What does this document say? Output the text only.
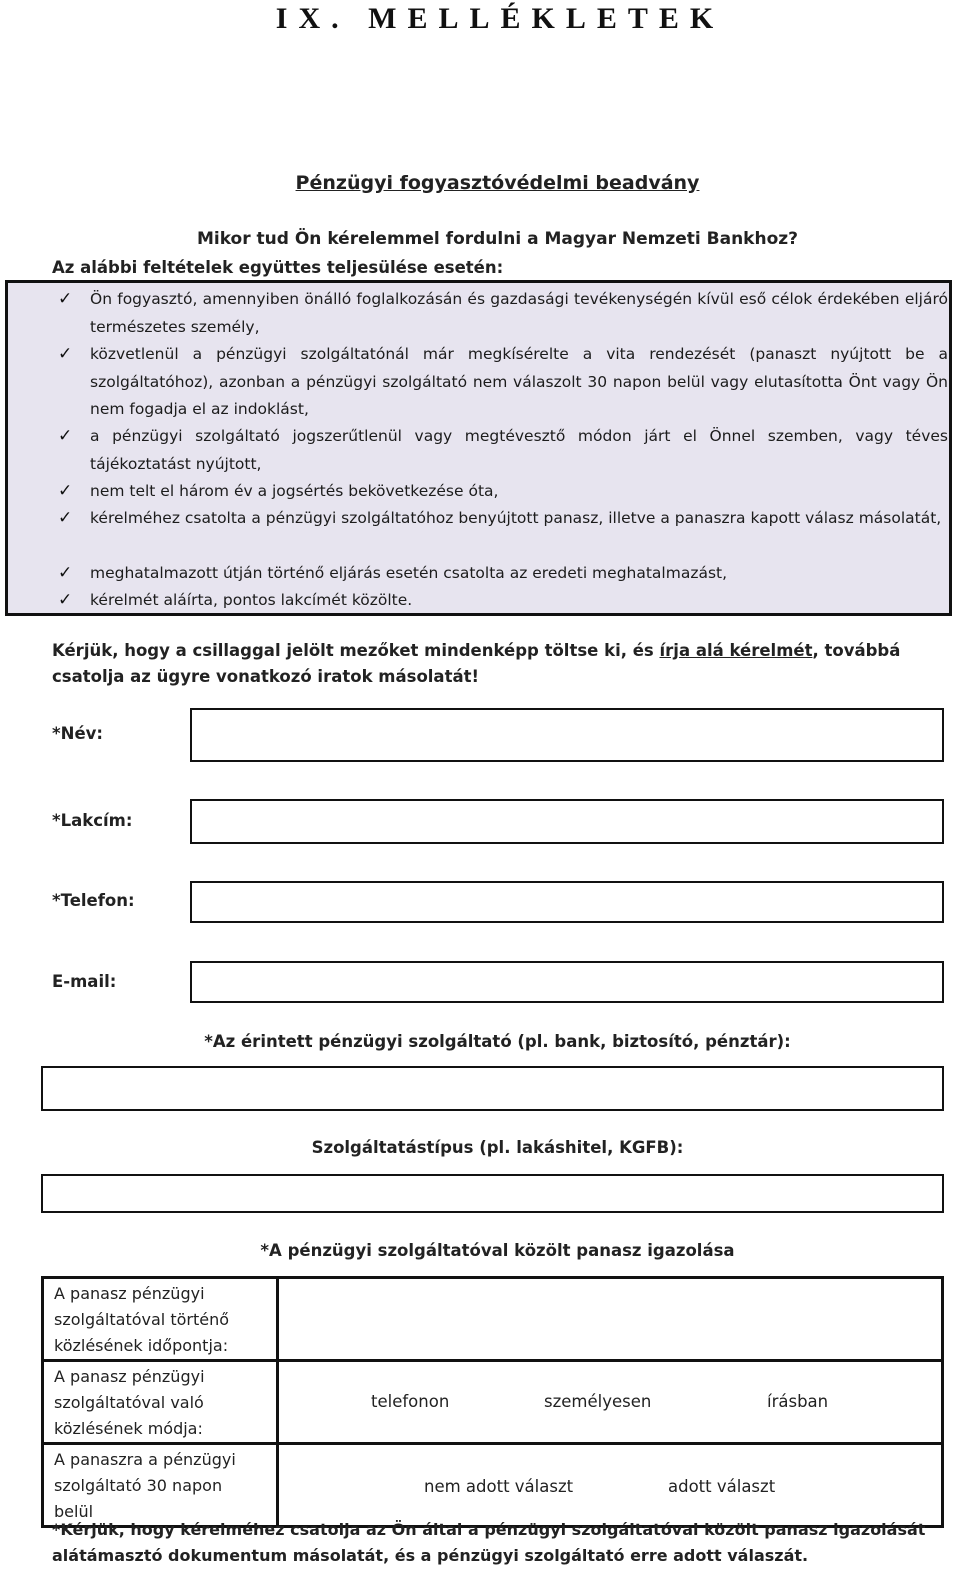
IX. MELLÉKLETEK
Pénzügyi fogyasztóvédelmi beadvány
Mikor tud Ön kérelemmel fordulni a Magyar Nemzeti Bankhoz?
Az alábbi feltételek együttes teljesülése esetén:
✓ Ön fogyasztó, amennyiben önálló foglalkozásán és gazdasági tevékenységén kívül eső célok érdekében eljáró természetes személy,
✓ közvetlenül a pénzügyi szolgáltatónál már megkísérelte a vita rendezését (panaszt nyújtott be a szolgáltatóhoz), azonban a pénzügyi szolgáltató nem válaszolt 30 napon belül vagy elutasította Önt vagy Ön nem fogadja el az indoklást,
✓ a pénzügyi szolgáltató jogszerűtlenül vagy megtévesztő módon járt el Önnel szemben, vagy téves tájékoztatást nyújtott,
✓ nem telt el három év a jogsértés bekövetkezése óta,
✓ kérelméhez csatolta a pénzügyi szolgáltatóhoz benyújtott panasz, illetve a panaszra kapott válasz másolatát,
✓ meghatalmazott útján történő eljárás esetén csatolta az eredeti meghatalmazást,
✓ kérelmét aláírta, pontos lakcímét közölte.
Kérjük, hogy a csillaggal jelölt mezőket mindenképp töltse ki, és írja alá kérelmét, továbbá csatolja az ügyre vonatkozó iratok másolatát!
*Név:
*Lakcím:
*Telefon:
E-mail:
*Az érintett pénzügyi szolgáltató (pl. bank, biztosító, pénztár):
Szolgáltatástípus (pl. lakáshitel, KGFB):
*A pénzügyi szolgáltatóval közölt panasz igazolása
A panasz pénzügyi szolgáltatóval történő közlésének időpontja:	
A panasz pénzügyi szolgáltatóval való közlésének módja:	telefonon személyesen írásban

A panaszra a pénzügyi szolgáltató 30 napon belül	nem adott választ adott választ
*Kérjük, hogy kérelméhez csatolja az Ön által a pénzügyi szolgáltatóval közölt panasz igazolását alátámasztó dokumentum másolatát, és a pénzügyi szolgáltató erre adott válaszát.
